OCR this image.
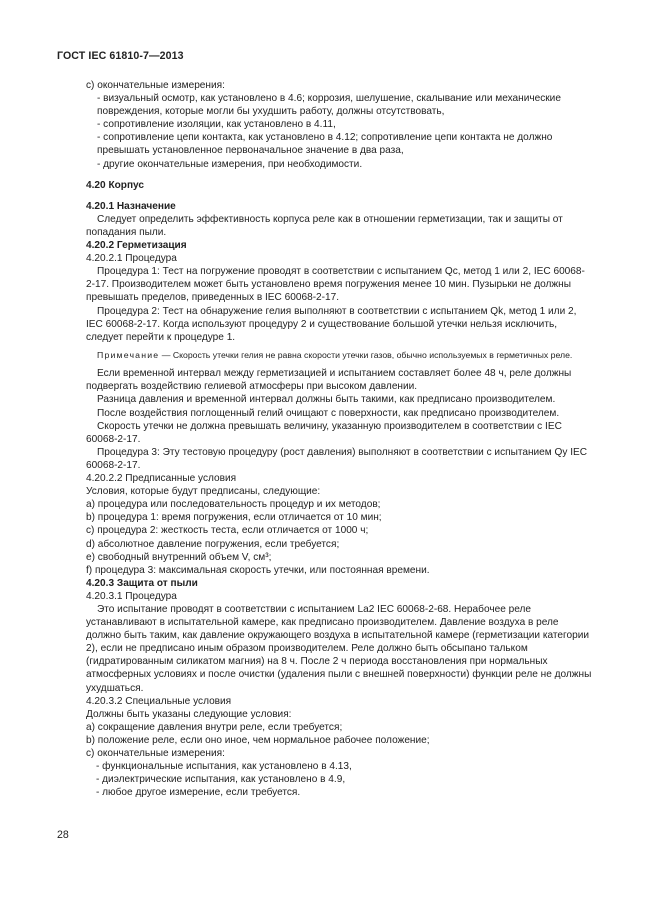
ГОСТ IEC 61810-7—2013

с) окончательные измерения:

- визуальный осмотр, как установлено в 4.6; коррозия, шелушение, скалывание или механические повреждения, которые могли бы ухудшить работу, должны отсутствовать,

- сопротивление изоляции, как установлено в 4.11,

- сопротивление цепи контакта, как установлено в 4.12; сопротивление цепи контакта не должно превышать установленное первоначальное значение в два раза,

- другие окончательные измерения, при необходимости.

4.20 Корпус

4.20.1 Назначение

Следует определить эффективность корпуса реле как в отношении герметизации, так и защиты от попадания пыли.

4.20.2 Герметизация

4.20.2.1 Процедура

Процедура 1: Тест на погружение проводят в соответствии с испытанием Qc, метод 1 или 2, IEC 60068-2-17. Производителем может быть установлено время погружения менее 10 мин. Пузырьки не должны превышать пределов, приведенных в IEC 60068-2-17.

Процедура 2: Тест на обнаружение гелия выполняют в соответствии с испытанием Qk, метод 1 или 2, IEC 60068-2-17. Когда используют процедуру 2 и существование большой утечки нельзя исключить, следует перейти к процедуре 1.

Примечание — Скорость утечки гелия не равна скорости утечки газов, обычно используемых в герметичных реле.

Если временной интервал между герметизацией и испытанием составляет более 48 ч, реле должны подвергать воздействию гелиевой атмосферы при высоком давлении.

Разница давления и временной интервал должны быть такими, как предписано производителем.

После воздействия поглощенный гелий очищают с поверхности, как предписано производителем.

Скорость утечки не должна превышать величину, указанную производителем в соответствии с IEC 60068-2-17.

Процедура 3: Эту тестовую процедуру (рост давления) выполняют в соответствии с испытанием Qy IEC 60068-2-17.

4.20.2.2 Предписанные условия

Условия, которые будут предписаны, следующие:

а) процедура или последовательность процедур и их методов;

b) процедура 1: время погружения, если отличается от 10 мин;

с) процедура 2: жесткость теста, если отличается от 1000 ч;

d) абсолютное давление погружения, если требуется;

е) свободный внутренний объем V, см³;

f) процедура 3: максимальная скорость утечки, или постоянная времени.

4.20.3 Защита от пыли

4.20.3.1 Процедура

Это испытание проводят в соответствии с испытанием La2 IEC 60068-2-68. Нерабочее реле устанавливают в испытательной камере, как предписано производителем. Давление воздуха в реле должно быть таким, как давление окружающего воздуха в испытательной камере (герметизации категории 2), если не предписано иным образом производителем. Реле должно быть обсыпано тальком (гидратированным силикатом магния) на 8 ч. После 2 ч периода восстановления при нормальных атмосферных условиях и после очистки (удаления пыли с внешней поверхности) функции реле не должны ухудшаться.

4.20.3.2 Специальные условия

Должны быть указаны следующие условия:

а) сокращение давления внутри реле, если требуется;

b) положение реле, если оно иное, чем нормальное рабочее положение;

с) окончательные измерения:

- функциональные испытания, как установлено в 4.13,

- диэлектрические испытания, как установлено в 4.9,

- любое другое измерение, если требуется.

28
